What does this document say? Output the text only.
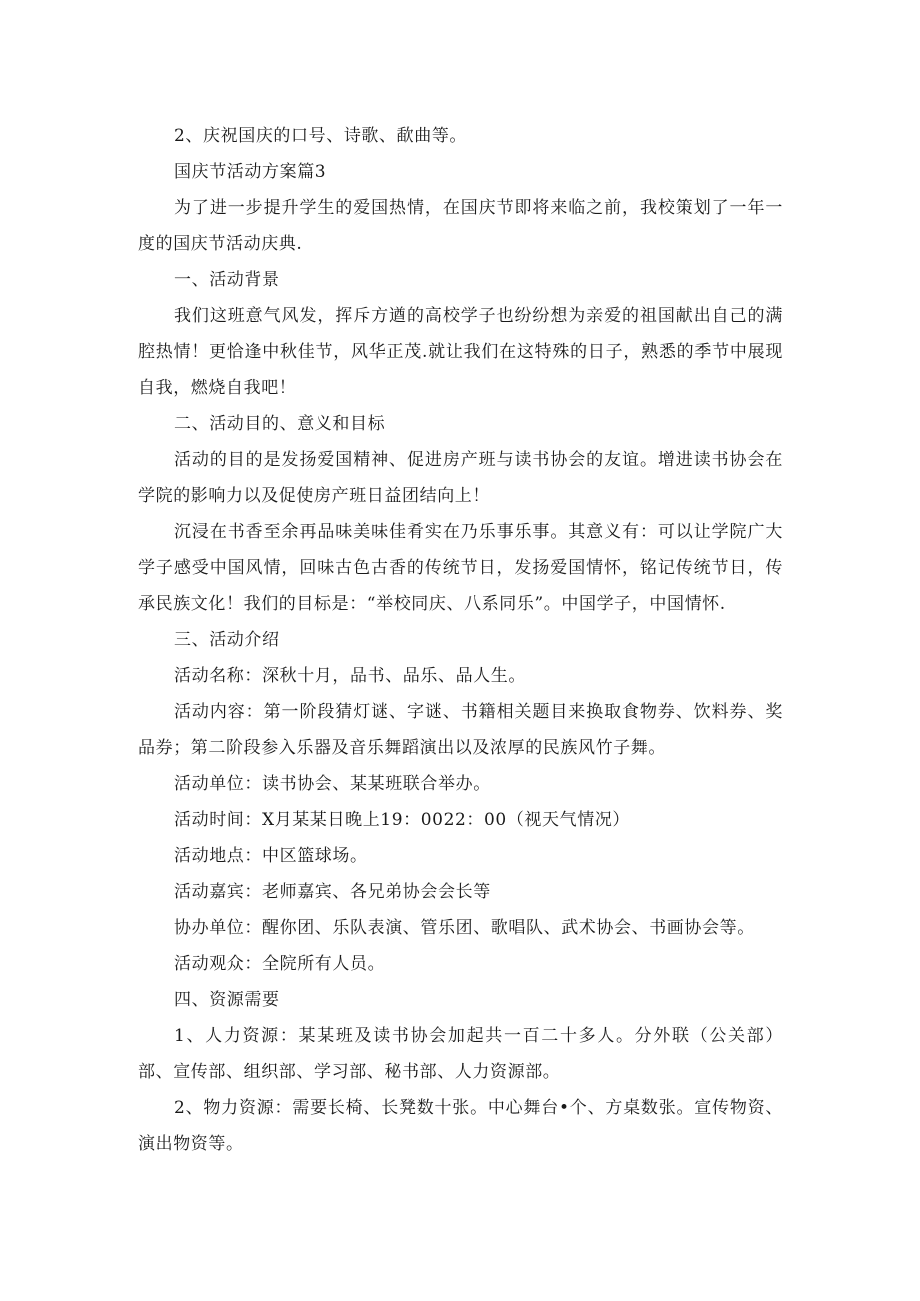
2、庆祝国庆的口号、诗歌、歃曲等。

国庆节活动方案篇3

为了进一步提升学生的爱国热情，在国庆节即将来临之前，我校策划了一年一度的国庆节活动庆典.

一、活动背景

我们这班意气风发，挥斥方遒的高校学子也纷纷想为亲爱的祖国献出自己的满腔热情！更恰逢中秋佳节，风华正茂.就让我们在这特殊的日子，熟悉的季节中展现自我，燃烧自我吧！

二、活动目的、意义和目标

活动的目的是发扬爱国精神、促进房产班与读书协会的友谊。增进读书协会在学院的影响力以及促使房产班日益团结向上！

沉浸在书香至余再品味美味佳肴实在乃乐事乐事。其意义有：可以让学院广大学子感受中国风情，回味古色古香的传统节日，发扬爱国情怀，铭记传统节日，传承民族文化！我们的目标是：“举校同庆、八系同乐”。中国学子，中国情怀.

三、活动介绍

活动名称：深秋十月，品书、品乐、品人生。

活动内容：第一阶段猜灯谜、字谜、书籍相关题目来换取食物券、饮料券、奖品券；第二阶段参入乐器及音乐舞蹈演出以及浓厚的民族风竹子舞。

活动单位：读书协会、某某班联合举办。

活动时间：X月某某日晚上19：0022：00（视天气情况）

活动地点：中区篮球场。

活动嘉宾：老师嘉宾、各兄弟协会会长等

协办单位：醒你团、乐队表演、管乐团、歌唱队、武术协会、书画协会等。

活动观众：全院所有人员。

四、资源需要

1、人力资源：某某班及读书协会加起共一百二十多人。分外联（公关部）部、宣传部、组织部、学习部、秘书部、人力资源部。

2、物力资源：需要长椅、长凳数十张。中心舞台•个、方桌数张。宣传物资、演出物资等。
